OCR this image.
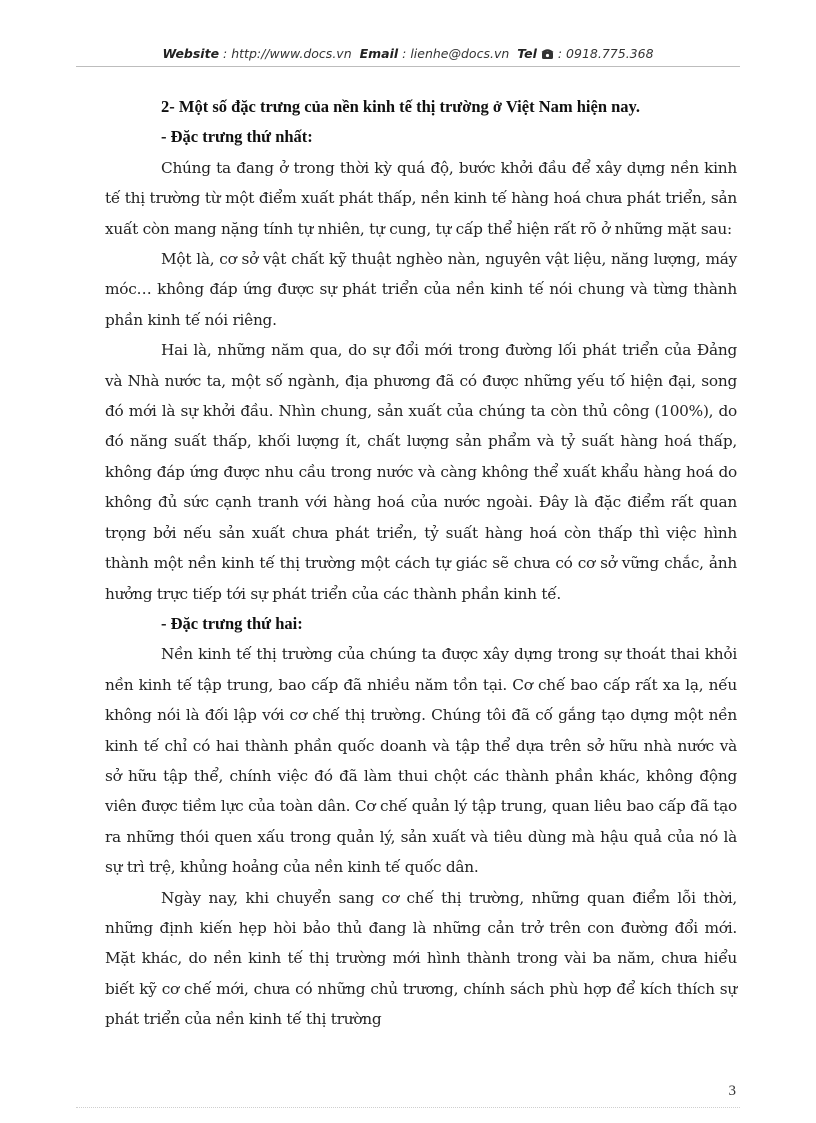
Website : http://www.docs.vn Email : lienhe@docs.vn Tel : 0918.775.368
2- Một số đặc trưng của nền kinh tế thị trường ở Việt Nam hiện nay.
- Đặc trưng thứ nhất:

Chúng ta đang ở trong thời kỳ quá độ, bước khởi đầu để xây dựng nền kinh tế thị trường từ một điểm xuất phát thấp, nền kinh tế hàng hoá chưa phát triển, sản xuất còn mang nặng tính tự nhiên, tự cung, tự cấp thể hiện rất rõ ở những mặt sau:

Một là, cơ sở vật chất kỹ thuật nghèo nàn, nguyên vật liệu, năng lượng, máy móc… không đáp ứng được sự phát triển của nền kinh tế nói chung và từng thành phần kinh tế nói riêng.

Hai là, những năm qua, do sự đổi mới trong đường lối phát triển của Đảng và Nhà nước ta, một số ngành, địa phương đã có được những yếu tố hiện đại, song đó mới là sự khởi đầu. Nhìn chung, sản xuất của chúng ta còn thủ công (100%), do đó năng suất thấp, khối lượng ít, chất lượng sản phẩm và tỷ suất hàng hoá thấp, không đáp ứng được nhu cầu trong nước và càng không thể xuất khẩu hàng hoá do không đủ sức cạnh tranh với hàng hoá của nước ngoài. Đây là đặc điểm rất quan trọng bởi nếu sản xuất chưa phát triển, tỷ suất hàng hoá còn thấp thì việc hình thành một nền kinh tế thị trường một cách tự giác sẽ chưa có cơ sở vững chắc, ảnh hưởng trực tiếp tới sự phát triển của các thành phần kinh tế.

- Đặc trưng thứ hai:

Nền kinh tế thị trường của chúng ta được xây dựng trong sự thoát thai khỏi nền kinh tế tập trung, bao cấp đã nhiều năm tồn tại. Cơ chế bao cấp rất xa lạ, nếu không nói là đối lập với cơ chế thị trường. Chúng tôi đã cố gắng tạo dựng một nền kinh tế chỉ có hai thành phần quốc doanh và tập thể dựa trên sở hữu nhà nước và sở hữu tập thể, chính việc đó đã làm thui chột các thành phần khác, không động viên được tiềm lực của toàn dân. Cơ chế quản lý tập trung, quan liêu bao cấp đã tạo ra những thói quen xấu trong quản lý, sản xuất và tiêu dùng mà hậu quả của nó là sự trì trệ, khủng hoảng của nền kinh tế quốc dân.

Ngày nay, khi chuyển sang cơ chế thị trường, những quan điểm lỗi thời, những định kiến hẹp hòi bảo thủ đang là những cản trở trên con đường đổi mới. Mặt khác, do nền kinh tế thị trường mới hình thành trong vài ba năm, chưa hiểu biết kỹ cơ chế mới, chưa có những chủ trương, chính sách phù hợp để kích thích sự phát triển của nền kinh tế thị trường

3
